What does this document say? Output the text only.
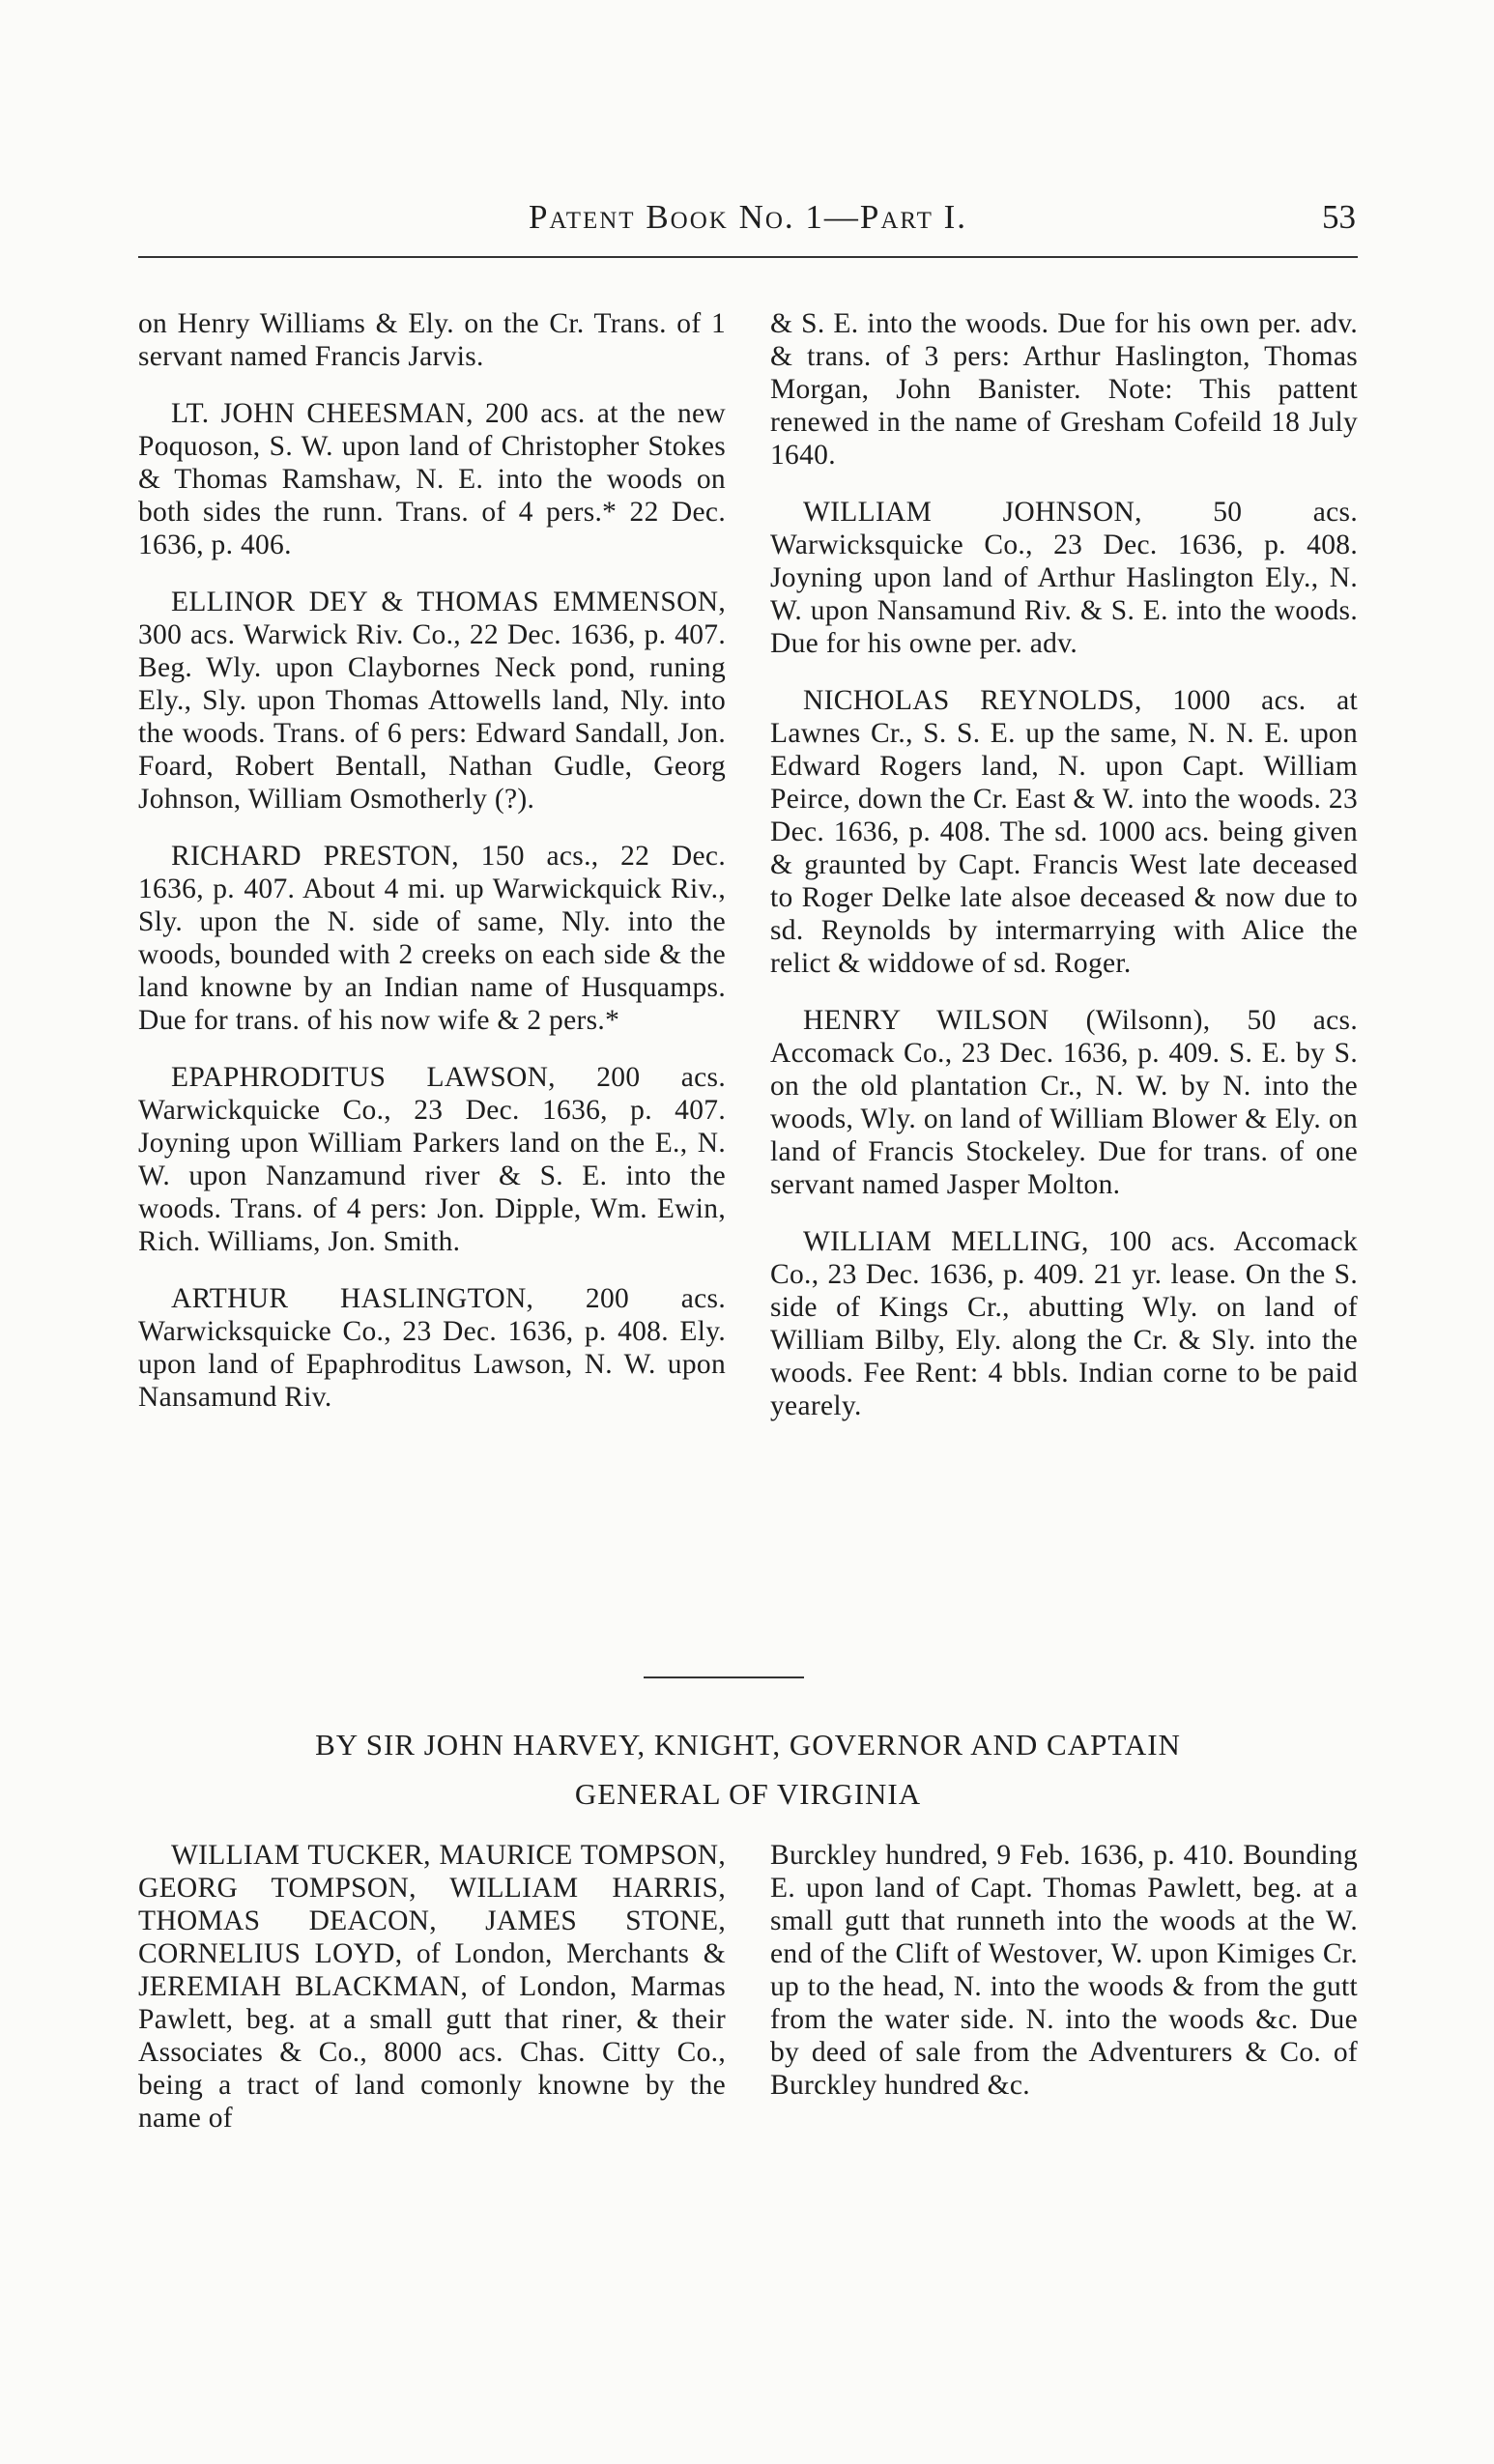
Patent Book No. 1—Part I.	53

on Henry Williams & Ely. on the Cr. Trans. of 1 servant named Francis Jarvis.

LT. JOHN CHEESMAN, 200 acs. at the new Poquoson, S. W. upon land of Christopher Stokes & Thomas Ramshaw, N. E. into the woods on both sides the runn. Trans. of 4 pers.* 22 Dec. 1636, p. 406.

ELLINOR DEY & THOMAS EMMENSON, 300 acs. Warwick Riv. Co., 22 Dec. 1636, p. 407. Beg. Wly. upon Claybornes Neck pond, runing Ely., Sly. upon Thomas Attowells land, Nly. into the woods. Trans. of 6 pers: Edward Sandall, Jon. Foard, Robert Bentall, Nathan Gudle, Georg Johnson, William Osmotherly (?).

RICHARD PRESTON, 150 acs., 22 Dec. 1636, p. 407. About 4 mi. up Warwickquick Riv., Sly. upon the N. side of same, Nly. into the woods, bounded with 2 creeks on each side & the land knowne by an Indian name of Husquamps. Due for trans. of his now wife & 2 pers.*

EPAPHRODITUS LAWSON, 200 acs. Warwickquicke Co., 23 Dec. 1636, p. 407. Joyning upon William Parkers land on the E., N. W. upon Nanzamund river & S. E. into the woods. Trans. of 4 pers: Jon. Dipple, Wm. Ewin, Rich. Williams, Jon. Smith.

ARTHUR HASLINGTON, 200 acs. Warwicksquicke Co., 23 Dec. 1636, p. 408. Ely. upon land of Epaphroditus Lawson, N. W. upon Nansamund Riv.

& S. E. into the woods. Due for his own per. adv. & trans. of 3 pers: Arthur Haslington, Thomas Morgan, John Banister. Note: This pattent renewed in the name of Gresham Cofeild 18 July 1640.

WILLIAM JOHNSON, 50 acs. Warwicksquicke Co., 23 Dec. 1636, p. 408. Joyning upon land of Arthur Haslington Ely., N. W. upon Nansamund Riv. & S. E. into the woods. Due for his owne per. adv.

NICHOLAS REYNOLDS, 1000 acs. at Lawnes Cr., S. S. E. up the same, N. N. E. upon Edward Rogers land, N. upon Capt. William Peirce, down the Cr. East & W. into the woods. 23 Dec. 1636, p. 408. The sd. 1000 acs. being given & graunted by Capt. Francis West late deceased to Roger Delke late alsoe deceased & now due to sd. Reynolds by intermarrying with Alice the relict & widdowe of sd. Roger.

HENRY WILSON (Wilsonn), 50 acs. Accomack Co., 23 Dec. 1636, p. 409. S. E. by S. on the old plantation Cr., N. W. by N. into the woods, Wly. on land of William Blower & Ely. on land of Francis Stockeley. Due for trans. of one servant named Jasper Molton.

WILLIAM MELLING, 100 acs. Accomack Co., 23 Dec. 1636, p. 409. 21 yr. lease. On the S. side of Kings Cr., abutting Wly. on land of William Bilby, Ely. along the Cr. & Sly. into the woods. Fee Rent: 4 bbls. Indian corne to be paid yearely.

BY SIR JOHN HARVEY, KNIGHT, GOVERNOR AND CAPTAIN
GENERAL OF VIRGINIA

WILLIAM TUCKER, MAURICE TOMPSON, GEORG TOMPSON, WILLIAM HARRIS, THOMAS DEACON, JAMES STONE, CORNELIUS LOYD, of London, Merchants & JEREMIAH BLACKMAN, of London, Marmas Pawlett, beg. at a small gutt that riner, & their Associates & Co., 8000 acs. Chas. Citty Co., being a tract of land comonly knowne by the name of

Burckley hundred, 9 Feb. 1636, p. 410. Bounding E. upon land of Capt. Thomas Pawlett, beg. at a small gutt that runneth into the woods at the W. end of the Clift of Westover, W. upon Kimiges Cr. up to the head, N. into the woods & from the gutt from the water side. N. into the woods &c. Due by deed of sale from the Adventurers & Co. of Burckley hundred &c.
